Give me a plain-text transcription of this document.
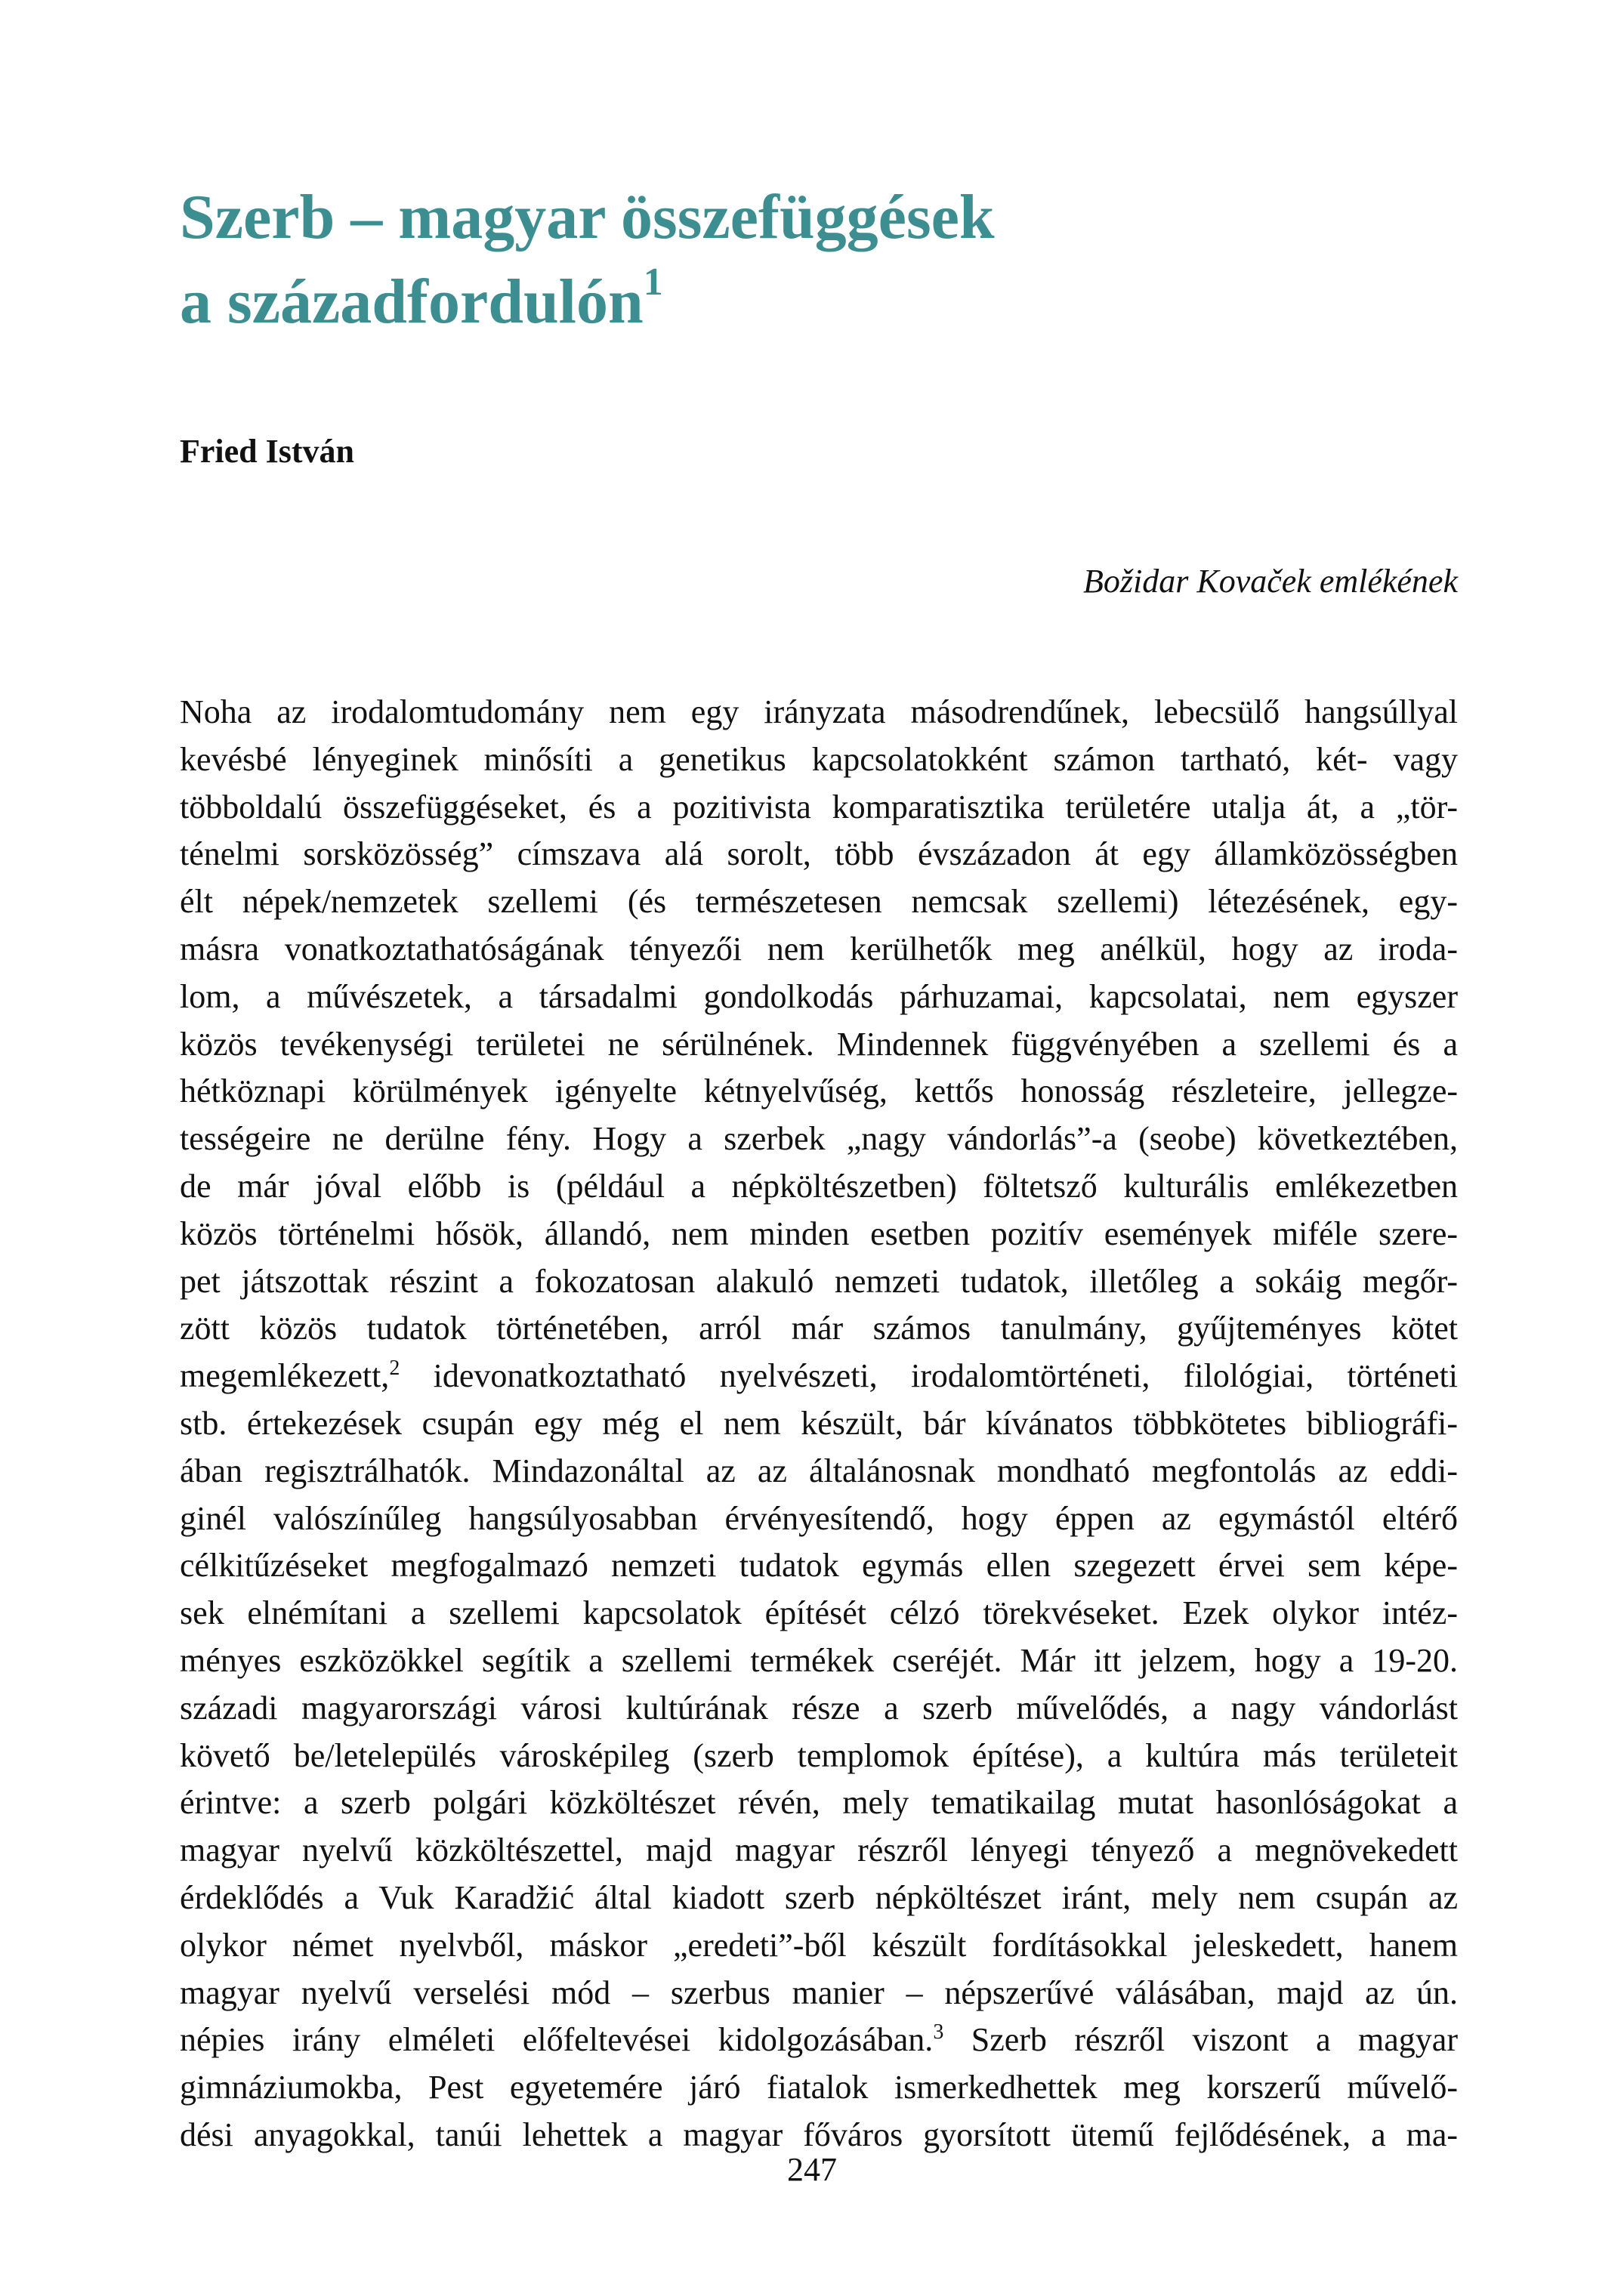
Szerb – magyar összefüggések
a századfordulón$^1$

Fried István

Božidar Kovaček emlékének

Noha az irodalomtudomány nem egy irányzata másodrendűnek, lebecsülő hangsúllyal
kevésbé lényeginek minősíti a genetikus kapcsolatokként számon tartható, két- vagy
többoldalú összefüggéseket, és a pozitivista komparatisztika területére utalja át, a „tör-
ténelmi sorsközösség” címszava alá sorolt, több évszázadon át egy államközösségben
élt népek/nemzetek szellemi (és természetesen nemcsak szellemi) létezésének, egy-
másra vonatkoztathatóságának tényezői nem kerülhetők meg anélkül, hogy az iroda-
lom, a művészetek, a társadalmi gondolkodás párhuzamai, kapcsolatai, nem egyszer
közös tevékenységi területei ne sérülnének. Mindennek függvényében a szellemi és a
hétköznapi körülmények igényelte kétnyelvűség, kettős honosság részleteire, jellegze-
tességeire ne derülne fény. Hogy a szerbek „nagy vándorlás”-a (seobe) következtében,
de már jóval előbb is (például a népköltészetben) föltetsző kulturális emlékezetben
közös történelmi hősök, állandó, nem minden esetben pozitív események miféle szere-
pet játszottak részint a fokozatosan alakuló nemzeti tudatok, illetőleg a sokáig megőr-
zött közös tudatok történetében, arról már számos tanulmány, gyűjteményes kötet
megemlékezett,$^2$ idevonatkoztatható nyelvészeti, irodalomtörténeti, filológiai, történeti
stb. értekezések csupán egy még el nem készült, bár kívánatos többkötetes bibliográfi-
ában regisztrálhatók. Mindazonáltal az az általánosnak mondható megfontolás az eddi-
ginél valószínűleg hangsúlyosabban érvényesítendő, hogy éppen az egymástól eltérő
célkitűzéseket megfogalmazó nemzeti tudatok egymás ellen szegezett érvei sem képe-
sek elnémítani a szellemi kapcsolatok építését célzó törekvéseket. Ezek olykor intéz-
ményes eszközökkel segítik a szellemi termékek cseréjét. Már itt jelzem, hogy a 19-20.
századi magyarországi városi kultúrának része a szerb művelődés, a nagy vándorlást
követő be/letelepülés városképileg (szerb templomok építése), a kultúra más területeit
érintve: a szerb polgári közköltészet révén, mely tematikailag mutat hasonlóságokat a
magyar nyelvű közköltészettel, majd magyar részről lényegi tényező a megnövekedett
érdeklődés a Vuk Karadžić által kiadott szerb népköltészet iránt, mely nem csupán az
olykor német nyelvből, máskor „eredeti”-ből készült fordításokkal jeleskedett, hanem
magyar nyelvű verselési mód – szerbus manier – népszerűvé válásában, majd az ún.
népies irány elméleti előfeltevései kidolgozásában.$^3$ Szerb részről viszont a magyar
gimnáziumokba, Pest egyetemére járó fiatalok ismerkedhettek meg korszerű művelő-
dési anyagokkal, tanúi lehettek a magyar főváros gyorsított ütemű fejlődésének, a ma-

247
